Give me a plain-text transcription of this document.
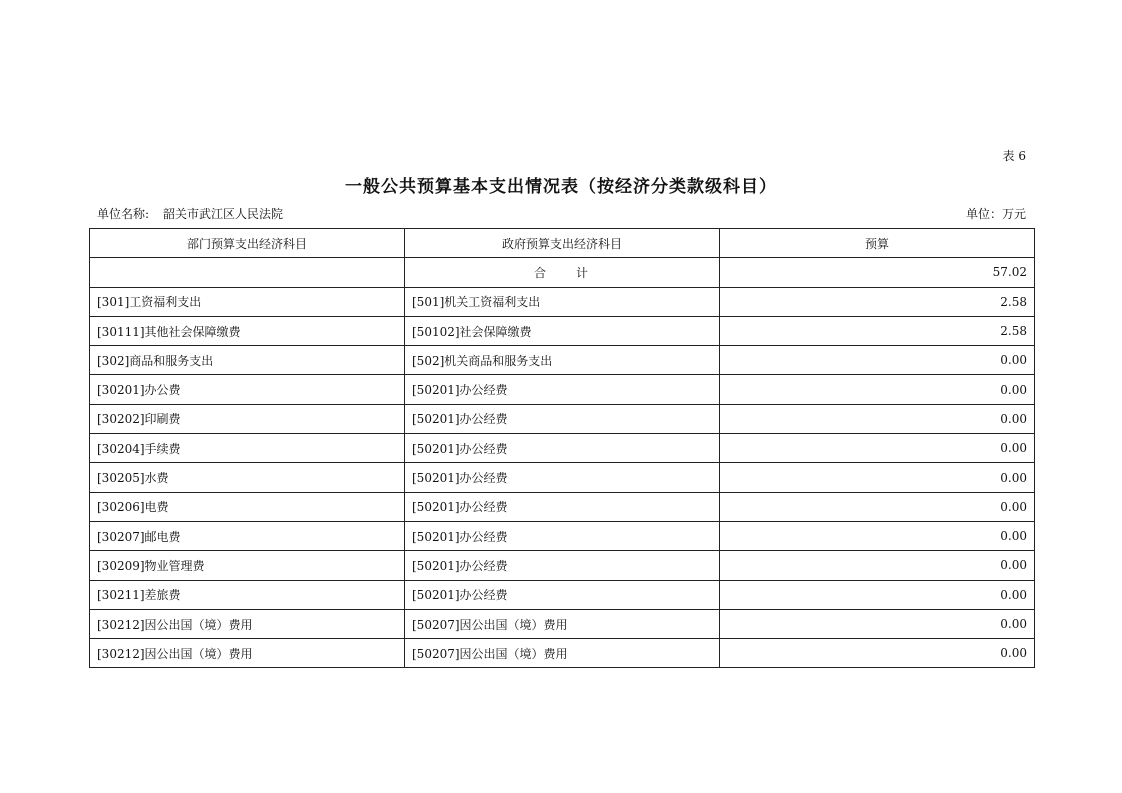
表 6
一般公共预算基本支出情况表（按经济分类款级科目）
单位名称: 韶关市武江区人民法院	单位：万元
部门预算支出经济科目	政府预算支出经济科目	预算
	合　　计	57.02
[301]工资福利支出	[501]机关工资福利支出	2.58
[30111]其他社会保障缴费	[50102]社会保障缴费	2.58
[302]商品和服务支出	[502]机关商品和服务支出	0.00
[30201]办公费	[50201]办公经费	0.00
[30202]印刷费	[50201]办公经费	0.00
[30204]手续费	[50201]办公经费	0.00
[30205]水费	[50201]办公经费	0.00
[30206]电费	[50201]办公经费	0.00
[30207]邮电费	[50201]办公经费	0.00
[30209]物业管理费	[50201]办公经费	0.00
[30211]差旅费	[50201]办公经费	0.00
[30212]因公出国（境）费用	[50207]因公出国（境）费用	0.00
[30212]因公出国（境）费用	[50207]因公出国（境）费用	0.00
